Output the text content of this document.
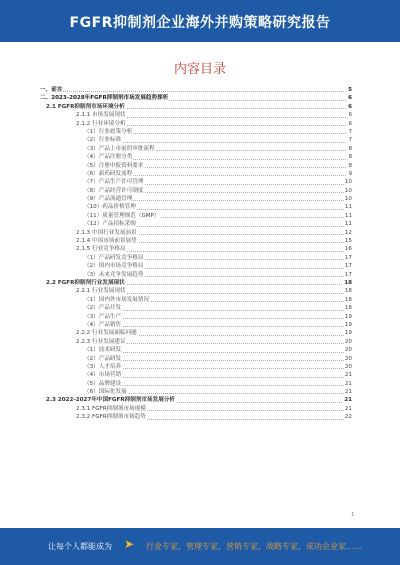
FGFR抑制剂企业海外并购策略研究报告
内容目录
一、前言	5
二、2023-2028年FGFR抑制剂市场发展趋势探析	6
2.1 FGFR抑制剂市场环境分析	6
2.1.1 市场发展现状	6
2.1.2 行业环境分析	6
（1）行业政策分析	7
（2）行业标准	7
（3）产品上市前的审批流程	8
（4）产品注册分类	8
（5）注册申报资料要求	8
（6）新药研发流程	9
（7）产品生产许可管理	10
（8）产品经营许可制度	10
（9）产品流通管理	10
（10）药品价格管理	11
（11）质量管理规范（GMP）	11
（12）产品招标采购	11
2.1.3 中国行业发展前景	12
2.1.4 中国市场前景展望	15
2.1.5 行业竞争格局	16
（1）产品研发竞争格局	17
（2）国内市场竞争格局	17
（3）未来竞争发展趋势	17
2.2 FGFR抑制剂行业发展现状	18
2.2.1 行业发展现状	18
（1）国内外市场发展情况	18
（2）产品开发	18
（3）产品生产	19
（4）产品销售	19
2.2.2 行业发展面临问题	19
2.2.3 行业发展建议	20
（1）技术研发	20
（2）产品研发	20
（3）人才培养	20
（4）市场营销	21
（5）品牌建设	21
（6）国际化发展	21
2.3 2022-2027年中国FGFR抑制剂市场发展分析	21
2.3.1 FGFR抑制剂市场规模	21
2.3.2 FGFR抑制剂市场趋势	22
1
让每个人都能成为 ➤ 行业专家，管理专家，营销专家，战略专家，成功企业家……
